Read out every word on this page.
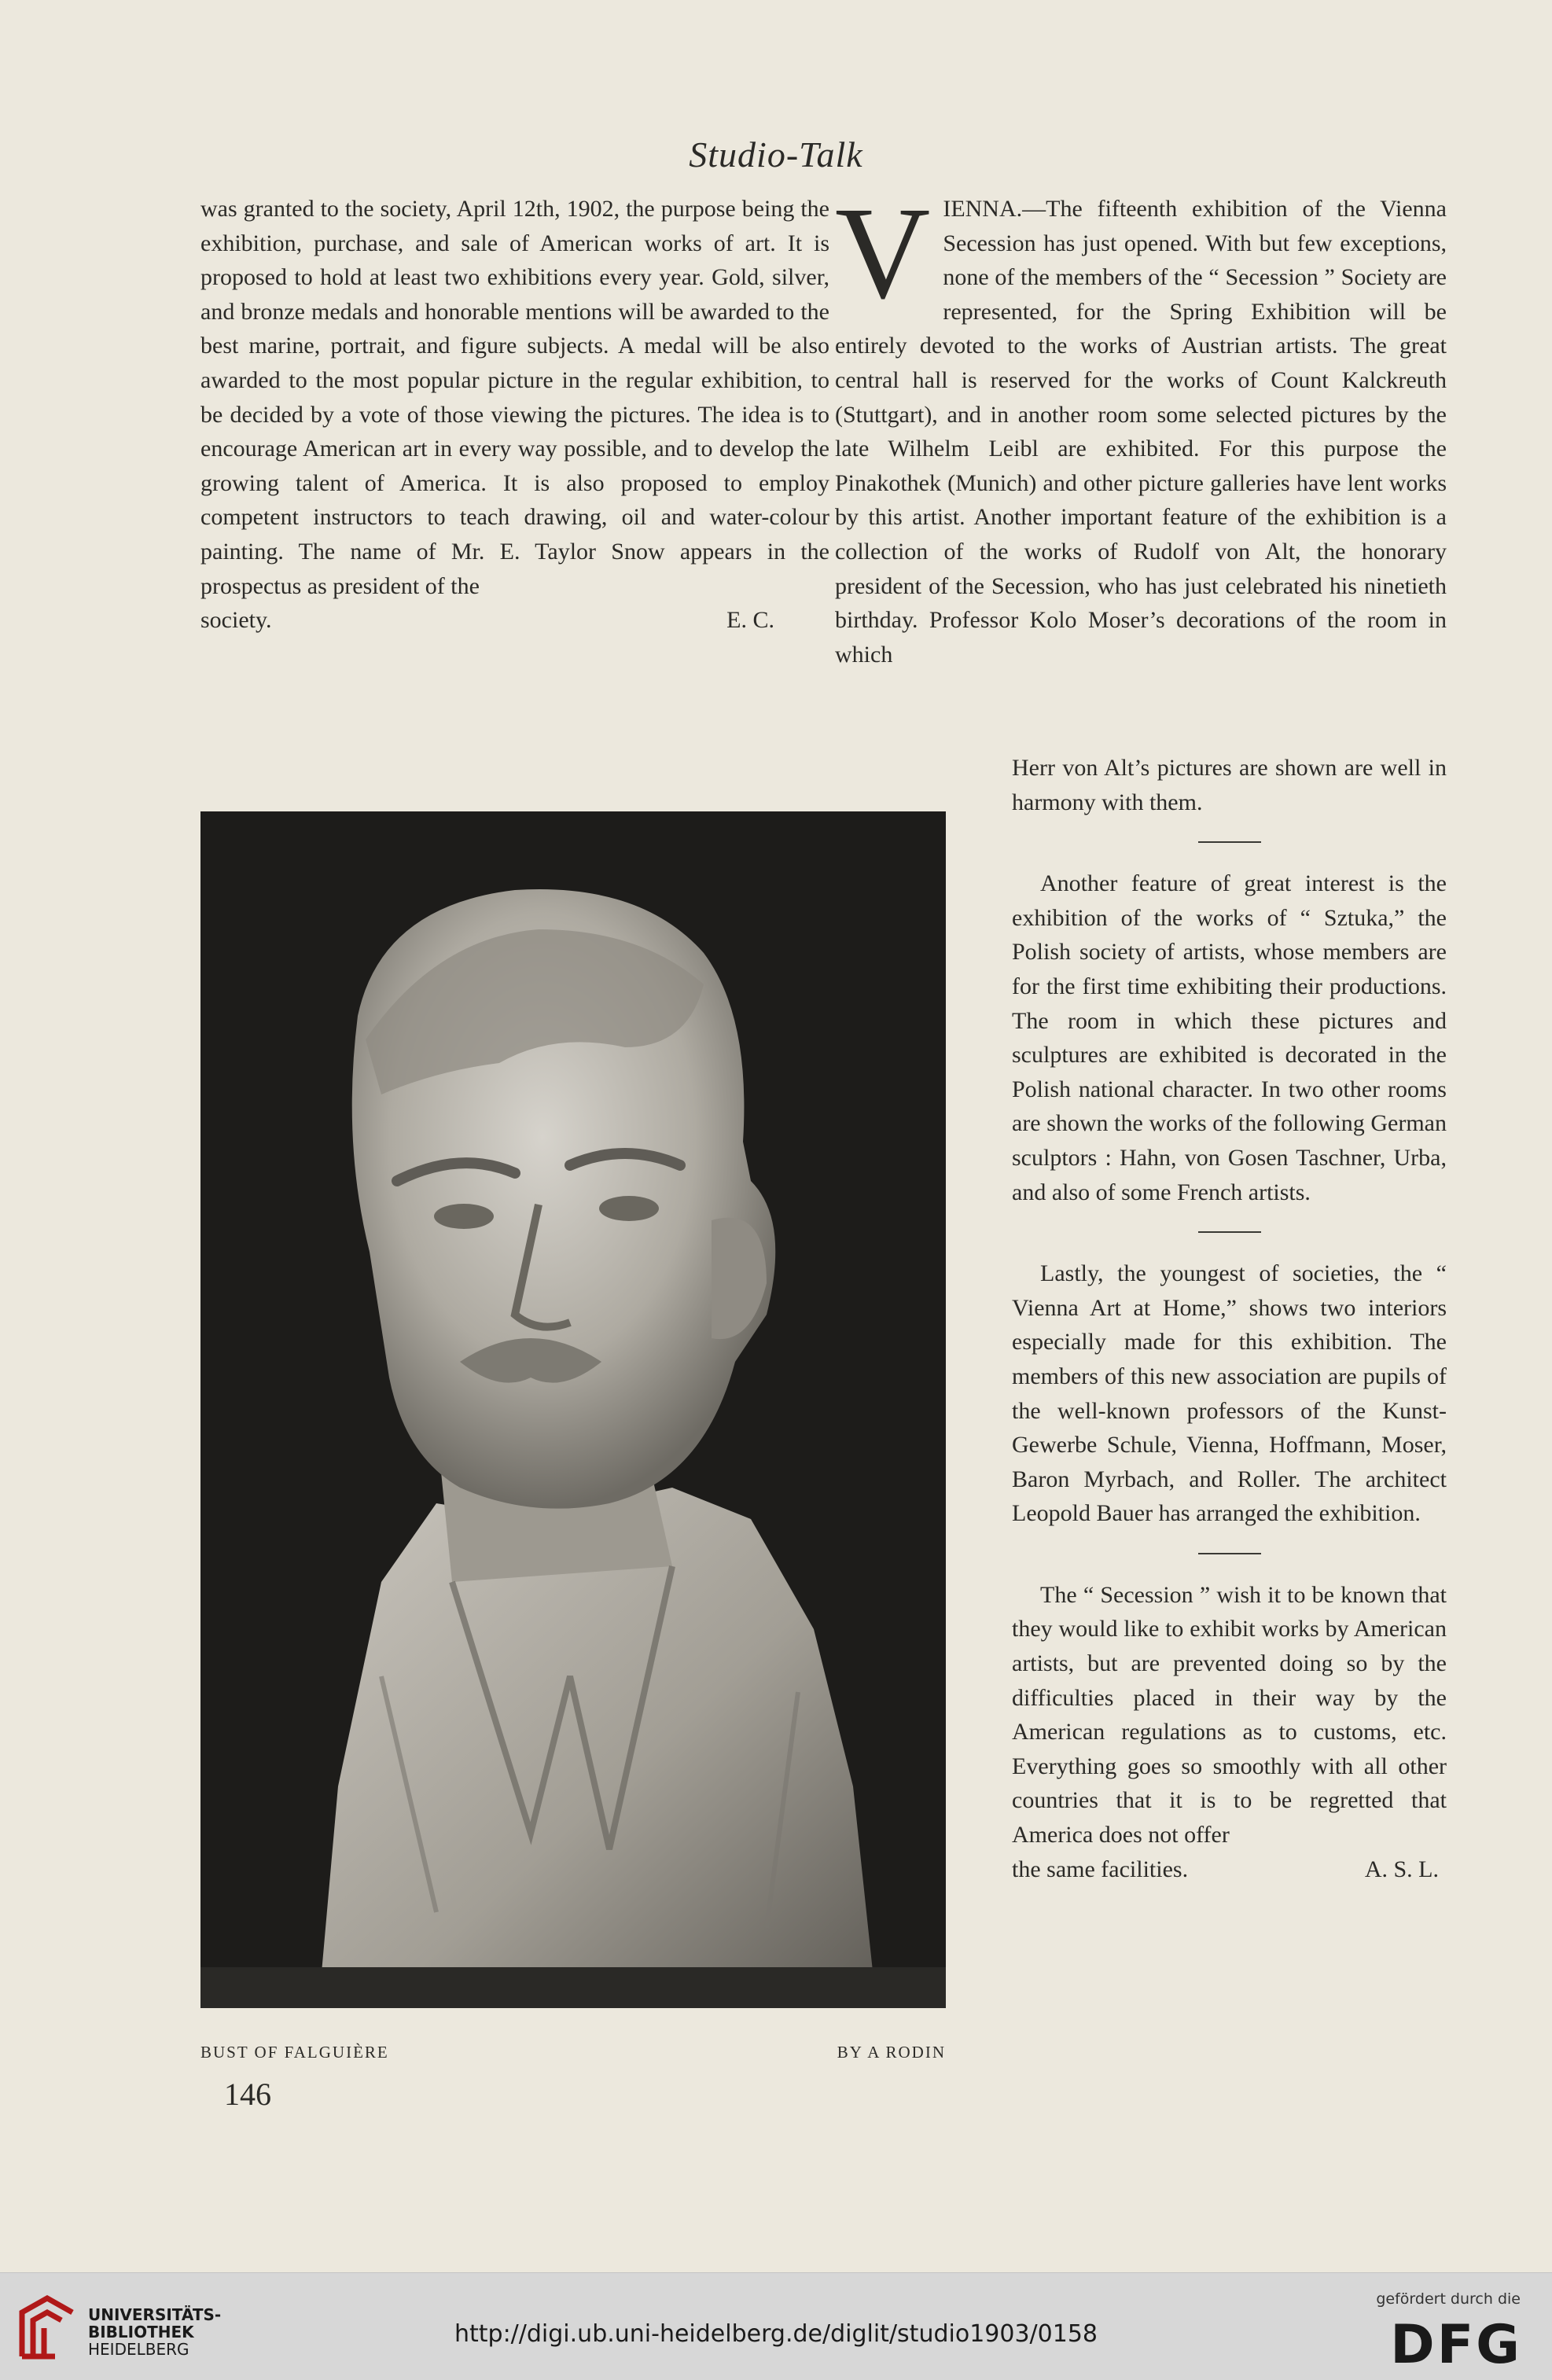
Studio-Talk

was granted to the society, April 12th, 1902, the purpose being the exhibition, purchase, and sale of American works of art. It is proposed to hold at least two exhibitions every year. Gold, silver, and bronze medals and honorable mentions will be awarded to the best marine, portrait, and figure subjects. A medal will be also awarded to the most popular picture in the regular exhibition, to be decided by a vote of those viewing the pictures. The idea is to encourage American art in every way possible, and to develop the growing talent of America. It is also proposed to employ competent instructors to teach drawing, oil and water-colour painting. The name of Mr. E. Taylor Snow appears in the prospectus as president of the

society.	E. C.
V IENNA.—The fifteenth exhibition of the Vienna Secession has just opened. With but few exceptions, none of the members of the “ Secession ” Society are represented, for the Spring Exhibition will be entirely devoted to the works of Austrian artists. The great central hall is reserved for the works of Count Kalckreuth (Stuttgart), and in another room some selected pictures by the late Wilhelm Leibl are exhibited. For this purpose the Pinakothek (Munich) and other picture galleries have lent works by this artist. Another important feature of the exhibition is a collection of the works of Rudolf von Alt, the honorary president of the Secession, who has just celebrated his ninetieth birthday. Professor Kolo Moser’s decorations of the room in which

Herr von Alt’s pictures are shown are well in harmony with them.

Another feature of great interest is the exhibition of the works of “ Sztuka,” the Polish society of artists, whose members are for the first time exhibiting their productions. The room in which these pictures and sculptures are exhibited is decorated in the Polish national character. In two other rooms are shown the works of the following German sculptors : Hahn, von Gosen Taschner, Urba, and also of some French artists.

Lastly, the youngest of societies, the “ Vienna Art at Home,” shows two interiors especially made for this exhibition. The members of this new association are pupils of the well-known professors of the Kunst-Gewerbe Schule, Vienna, Hoffmann, Moser, Baron Myrbach, and Roller. The architect Leopold Bauer has arranged the exhibition.

The “ Secession ” wish it to be known that they would like to exhibit works by American artists, but are prevented doing so by the difficulties placed in their way by the American regulations as to customs, etc. Everything goes so smoothly with all other countries that it is to be regretted that America does not offer

the same facilities.	A. S. L.
BUST OF FALGUIÈRE	BY A RODIN
146
UNIVERSITÄTS-
BIBLIOTHEK
HEIDELBERG
http://digi.ub.uni-heidelberg.de/diglit/studio1903/0158
gefördert durch die
DFG
